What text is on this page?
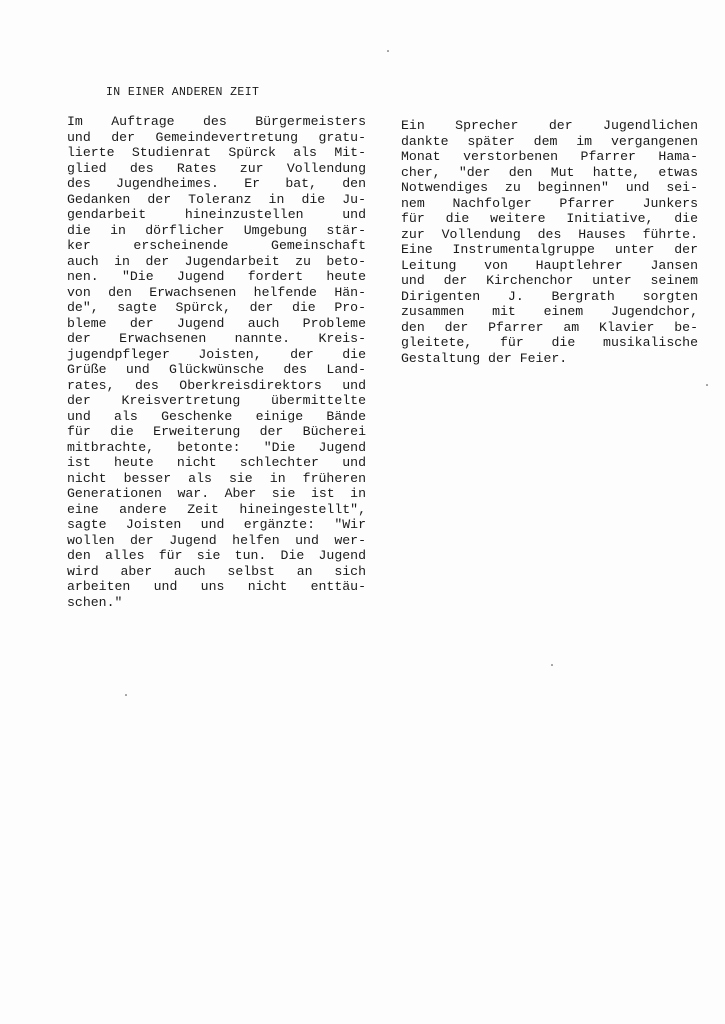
IN EINER ANDEREN ZEIT
Im Auftrage des Bürgermeisters
und der Gemeindevertretung gratu-
lierte Studienrat Spürck als Mit-
glied des Rates zur Vollendung
des Jugendheimes. Er bat, den
Gedanken der Toleranz in die Ju-
gendarbeit hineinzustellen und
die in dörflicher Umgebung stär-
ker erscheinende Gemeinschaft
auch in der Jugendarbeit zu beto-
nen. "Die Jugend fordert heute
von den Erwachsenen helfende Hän-
de", sagte Spürck, der die Pro-
bleme der Jugend auch Probleme
der Erwachsenen nannte. Kreis-
jugendpfleger Joisten, der die
Grüße und Glückwünsche des Land-
rates, des Oberkreisdirektors und
der Kreisvertretung übermittelte
und als Geschenke einige Bände
für die Erweiterung der Bücherei
mitbrachte, betonte: "Die Jugend
ist heute nicht schlechter und
nicht besser als sie in früheren
Generationen war. Aber sie ist in
eine andere Zeit hineingestellt",
sagte Joisten und ergänzte: "Wir
wollen der Jugend helfen und wer-
den alles für sie tun. Die Jugend
wird aber auch selbst an sich
arbeiten und uns nicht enttäu-
schen."
Ein Sprecher der Jugendlichen
dankte später dem im vergangenen
Monat verstorbenen Pfarrer Hama-
cher, "der den Mut hatte, etwas
Notwendiges zu beginnen" und sei-
nem Nachfolger Pfarrer Junkers
für die weitere Initiative, die
zur Vollendung des Hauses führte.
Eine Instrumentalgruppe unter der
Leitung von Hauptlehrer Jansen
und der Kirchenchor unter seinem
Dirigenten J. Bergrath sorgten
zusammen mit einem Jugendchor,
den der Pfarrer am Klavier be-
gleitete, für die musikalische
Gestaltung der Feier.
